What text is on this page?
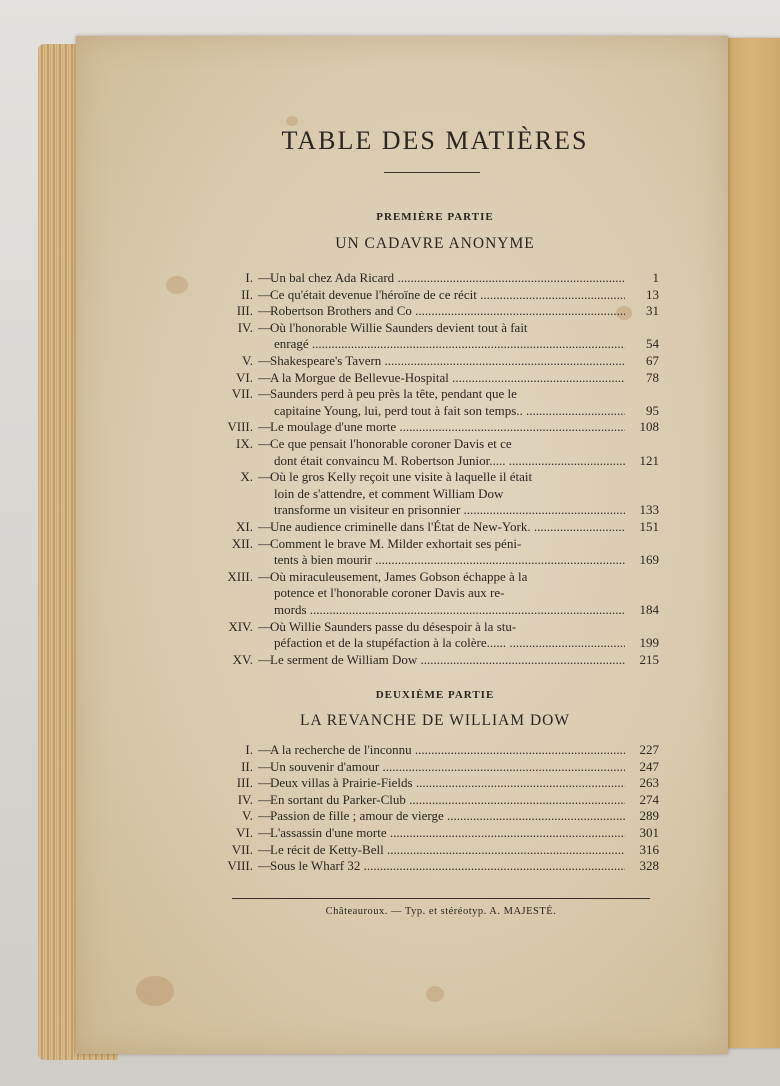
TABLE DES MATIÈRES
PREMIÈRE PARTIE
UN CADAVRE ANONYME
I. — Un bal chez Ada Ricard .....	1
II. — Ce qu'était devenue l'héroïne de ce récit .....	13
III. — Robertson Brothers and Co .....	31
IV. — Où l'honorable Willie Saunders devient tout à fait
enragé .....	54
V. — Shakespeare's Tavern .....	67
VI. — A la Morgue de Bellevue-Hospital .....	78
VII. — Saunders perd à peu près la tête, pendant que le
capitaine Young, lui, perd tout à fait son temps.. .....	95
VIII. — Le moulage d'une morte .....	108
IX. — Ce que pensait l'honorable coroner Davis et ce
dont était convaincu M. Robertson Junior..... .....	121
X. — Où le gros Kelly reçoit une visite à laquelle il était
loin de s'attendre, et comment William Dow
transforme un visiteur en prisonnier .....	133
XI. — Une audience criminelle dans l'État de New-York. .....	151
XII. — Comment le brave M. Milder exhortait ses péni-
tents à bien mourir .....	169
XIII. — Où miraculeusement, James Gobson échappe à la
potence et l'honorable coroner Davis aux re-
mords .....	184
XIV. — Où Willie Saunders passe du désespoir à la stu-
péfaction et de la stupéfaction à la colère...... .....	199
XV. — Le serment de William Dow .....	215
DEUXIÈME PARTIE
LA REVANCHE DE WILLIAM DOW
I. — A la recherche de l'inconnu .....	227
II. — Un souvenir d'amour .....	247
III. — Deux villas à Prairie-Fields .....	263
IV. — En sortant du Parker-Club .....	274
V. — Passion de fille ; amour de vierge .....	289
VI. — L'assassin d'une morte .....	301
VII. — Le récit de Ketty-Bell .....	316
VIII. — Sous le Wharf 32 .....	328
Châteauroux. — Typ. et stéréotyp. A. MAJESTÉ.
